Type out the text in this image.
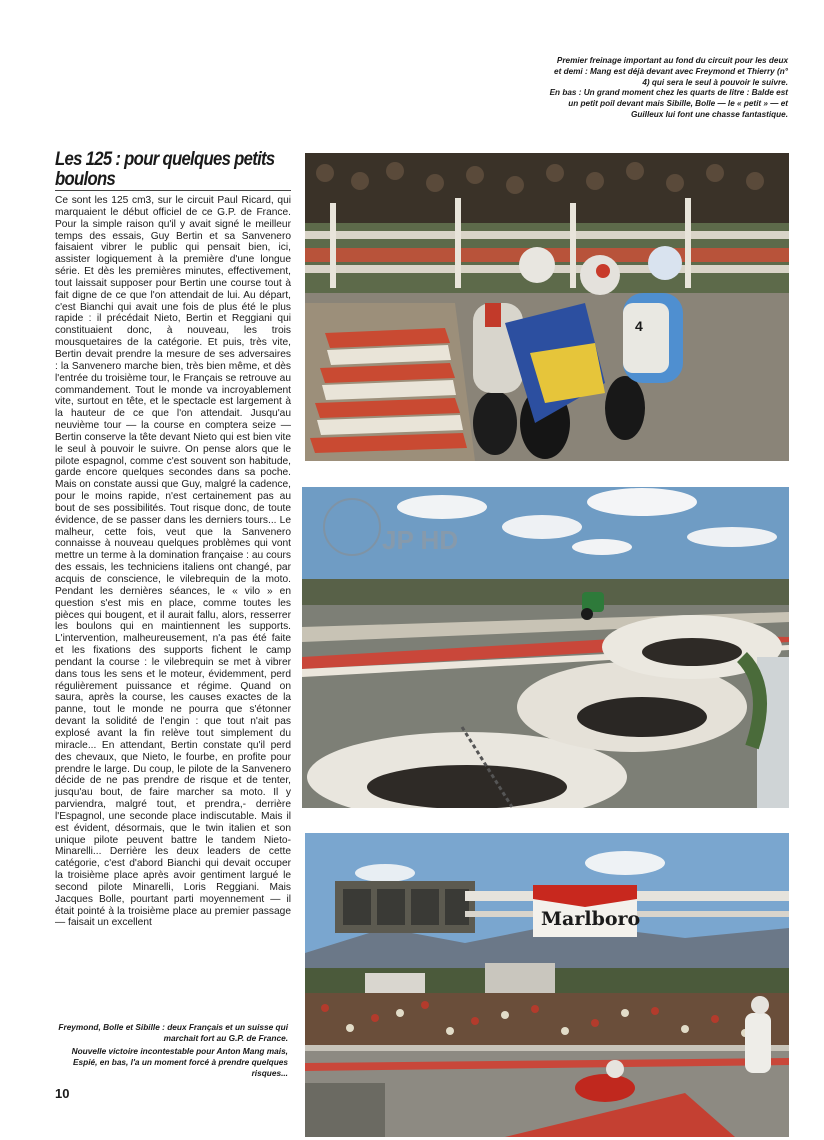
Premier freinage important au fond du circuit pour les deux et demi : Mang est déjà devant avec Freymond et Thierry (n° 4) qui sera le seul à pouvoir le suivre.

En bas : Un grand moment chez les quarts de litre : Balde est un petit poil devant mais Sibille, Bolle — le « petit » — et Guilleux lui font une chasse fantastique.

Les 125 : pour quelques petits boulons

Ce sont les 125 cm3, sur le circuit Paul Ricard, qui marquaient le début officiel de ce G.P. de France. Pour la simple raison qu'il y avait signé le meilleur temps des essais, Guy Bertin et sa Sanvenero faisaient vibrer le public qui pensait bien, ici, assister logiquement à la première d'une longue série. Et dès les premières minutes, effectivement, tout laissait supposer pour Bertin une course tout à fait digne de ce que l'on attendait de lui. Au départ, c'est Bianchi qui avait une fois de plus été le plus rapide : il précédait Nieto, Bertin et Reggiani qui constituaient donc, à nouveau, les trois mousquetaires de la catégorie. Et puis, très vite, Bertin devait prendre la mesure de ses adversaires : la Sanvenero marche bien, très bien même, et dès l'entrée du troisième tour, le Français se retrouve au commandement. Tout le monde va incroyablement vite, surtout en tête, et le spectacle est largement à la hauteur de ce que l'on attendait. Jusqu'au neuvième tour — la course en comptera seize — Bertin conserve la tête devant Nieto qui est bien vite le seul à pouvoir le suivre. On pense alors que le pilote espagnol, comme c'est souvent son habitude, garde encore quelques secondes dans sa poche. Mais on constate aussi que Guy, malgré la cadence, pour le moins rapide, n'est certainement pas au bout de ses possibilités. Tout risque donc, de toute évidence, de se passer dans les derniers tours... Le malheur, cette fois, veut que la Sanvenero connaisse à nouveau quelques problèmes qui vont mettre un terme à la domination française : au cours des essais, les techniciens italiens ont changé, par acquis de conscience, le vilebrequin de la moto. Pendant les dernières séances, le « vilo » en question s'est mis en place, comme toutes les pièces qui bougent, et il aurait fallu, alors, resserrer les boulons qui en maintiennent les supports. L'intervention, malheureusement, n'a pas été faite et les fixations des supports fichent le camp pendant la course : le vilebrequin se met à vibrer dans tous les sens et le moteur, évidemment, perd régulièrement puissance et régime. Quand on saura, après la course, les causes exactes de la panne, tout le monde ne pourra que s'étonner devant la solidité de l'engin : que tout n'ait pas explosé avant la fin relève tout simplement du miracle... En attendant, Bertin constate qu'il perd des chevaux, que Nieto, le fourbe, en profite pour prendre le large. Du coup, le pilote de la Sanvenero décide de ne pas prendre de risque et de tenter, jusqu'au bout, de faire marcher sa moto. Il y parviendra, malgré tout, et prendra,- derrière l'Espagnol, une seconde place indiscutable. Mais il est évident, désormais, que le twin italien et son unique pilote peuvent battre le tandem Nieto-Minarelli... Derrière les deux leaders de cette catégorie, c'est d'abord Bianchi qui devait occuper la troisième place après avoir gentiment largué le second pilote Minarelli, Loris Reggiani. Mais Jacques Bolle, pourtant parti moyennement — il était pointé à la troisième place au premier passage — faisait un excellent

Freymond, Bolle et Sibille : deux Français et un suisse qui marchait fort au G.P. de France.

Nouvelle victoire incontestable pour Anton Mang mais, Espié, en bas, l'a un moment forcé à prendre quelques risques...

10
4
JP HD
Marlboro
